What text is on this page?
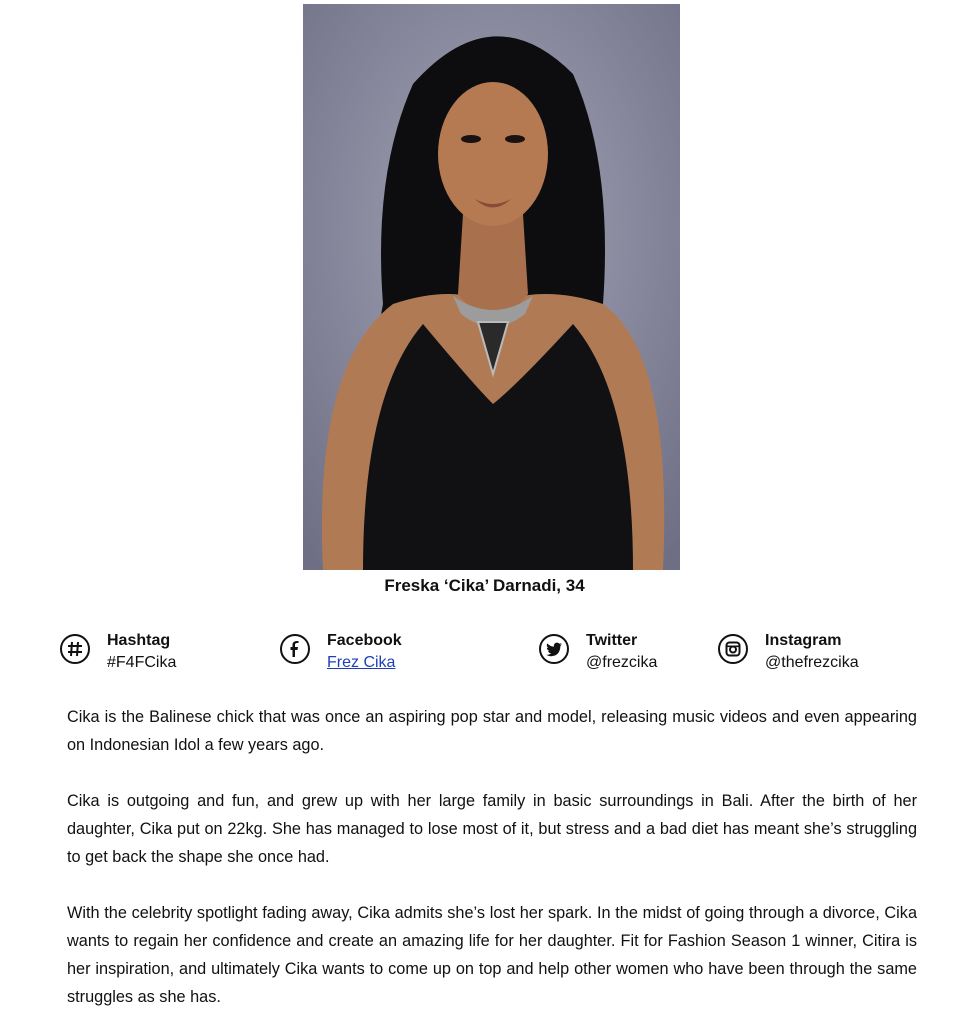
Freska ‘Cika’ Darnadi, 34
Hashtag
#F4FCika
Facebook
Frez Cika
Twitter
@frezcika
Instagram
@thefrezcika

Cika is the Balinese chick that was once an aspiring pop star and model, releasing music videos and even appearing on Indonesian Idol a few years ago.

Cika is outgoing and fun, and grew up with her large family in basic surroundings in Bali. After the birth of her daughter, Cika put on 22kg. She has managed to lose most of it, but stress and a bad diet has meant she’s struggling to get back the shape she once had.

With the celebrity spotlight fading away, Cika admits she’s lost her spark. In the midst of going through a divorce, Cika wants to regain her confidence and create an amazing life for her daughter. Fit for Fashion Season 1 winner, Citira is her inspiration, and ultimately Cika wants to come up on top and help other women who have been through the same struggles as she has.
